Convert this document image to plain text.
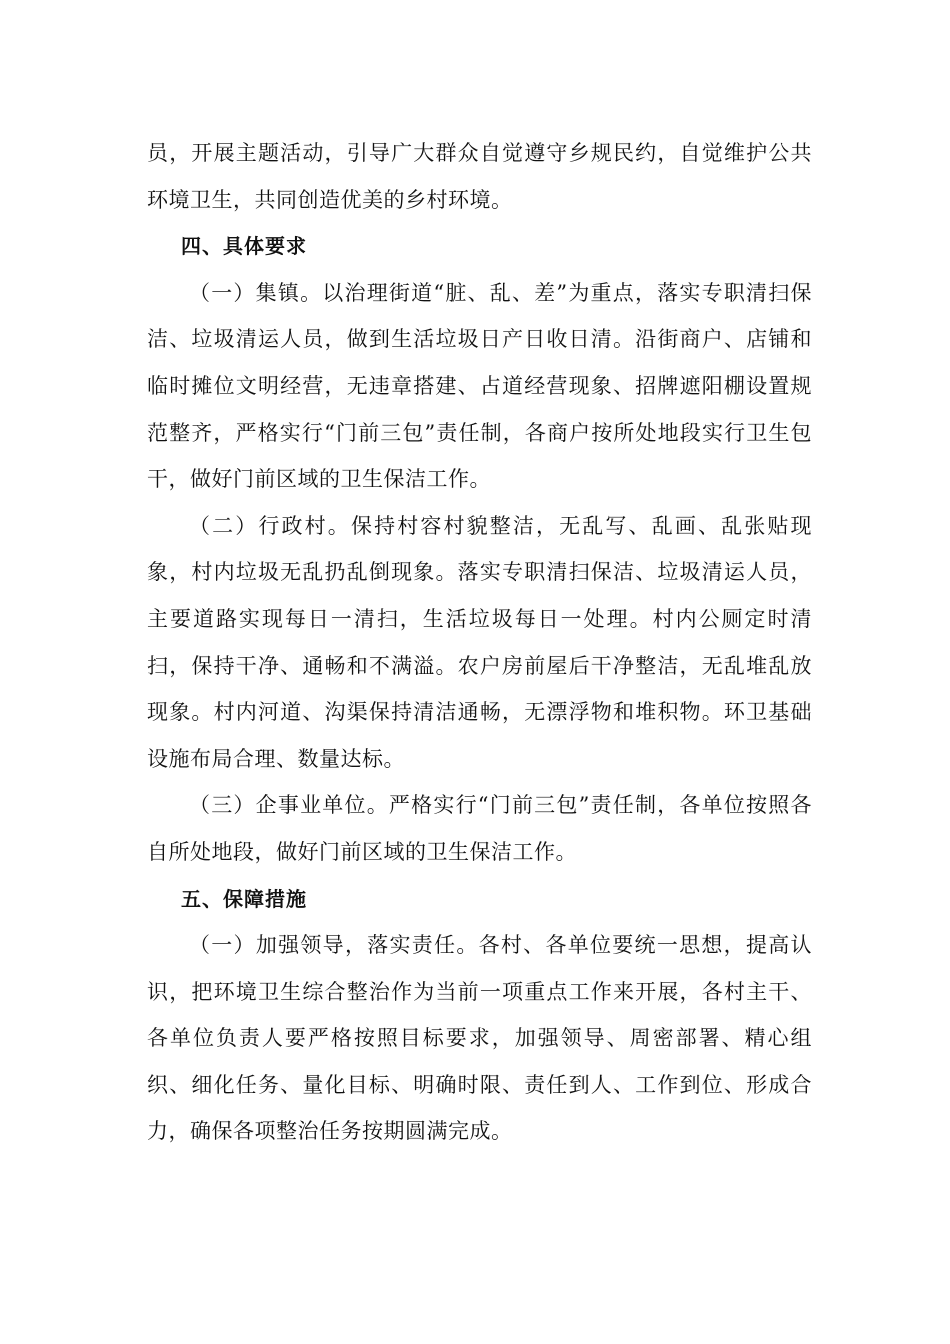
员，开展主题活动，引导广大群众自觉遵守乡规民约，自觉维护公共环境卫生，共同创造优美的乡村环境。

四、具体要求

（一）集镇。以治理街道“脏、乱、差”为重点，落实专职清扫保洁、垃圾清运人员，做到生活垃圾日产日收日清。沿街商户、店铺和临时摊位文明经营，无违章搭建、占道经营现象、招牌遮阳棚设置规范整齐，严格实行“门前三包”责任制，各商户按所处地段实行卫生包干，做好门前区域的卫生保洁工作。

（二）行政村。保持村容村貌整洁，无乱写、乱画、乱张贴现象，村内垃圾无乱扔乱倒现象。落实专职清扫保洁、垃圾清运人员，主要道路实现每日一清扫，生活垃圾每日一处理。村内公厕定时清扫，保持干净、通畅和不满溢。农户房前屋后干净整洁，无乱堆乱放现象。村内河道、沟渠保持清洁通畅，无漂浮物和堆积物。环卫基础设施布局合理、数量达标。

（三）企事业单位。严格实行“门前三包”责任制，各单位按照各自所处地段，做好门前区域的卫生保洁工作。

五、保障措施

（一）加强领导，落实责任。各村、各单位要统一思想，提高认识，把环境卫生综合整治作为当前一项重点工作来开展，各村主干、各单位负责人要严格按照目标要求，加强领导、周密部署、精心组织、细化任务、量化目标、明确时限、责任到人、工作到位、形成合力，确保各项整治任务按期圆满完成。
